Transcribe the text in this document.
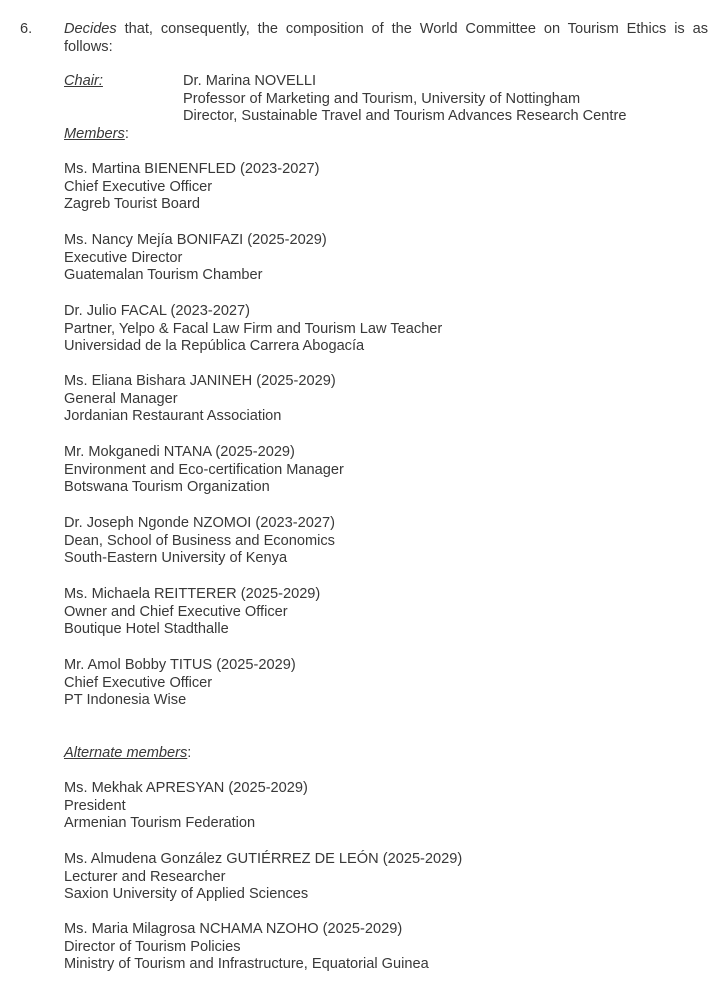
6. Decides that, consequently, the composition of the World Committee on Tourism Ethics is as
follows:
Chair:	Dr. Marina NOVELLI
Professor of Marketing and Tourism, University of Nottingham
Director, Sustainable Travel and Tourism Advances Research Centre
Members:
Ms. Martina BIENENFLED (2023-2027)
Chief Executive Officer
Zagreb Tourist Board
Ms. Nancy Mejía BONIFAZI (2025-2029)
Executive Director
Guatemalan Tourism Chamber
Dr. Julio FACAL (2023-2027)
Partner, Yelpo & Facal Law Firm and Tourism Law Teacher
Universidad de la República Carrera Abogacía
Ms. Eliana Bishara JANINEH (2025-2029)
General Manager
Jordanian Restaurant Association
Mr. Mokganedi NTANA (2025-2029)
Environment and Eco-certification Manager
Botswana Tourism Organization
Dr. Joseph Ngonde NZOMOI (2023-2027)
Dean, School of Business and Economics
South-Eastern University of Kenya
Ms. Michaela REITTERER (2025-2029)
Owner and Chief Executive Officer
Boutique Hotel Stadthalle
Mr. Amol Bobby TITUS (2025-2029)
Chief Executive Officer
PT Indonesia Wise
Alternate members:
Ms. Mekhak APRESYAN (2025-2029)
President
Armenian Tourism Federation
Ms. Almudena González GUTIÉRREZ DE LEÓN (2025-2029)
Lecturer and Researcher
Saxion University of Applied Sciences
Ms. Maria Milagrosa NCHAMA NZOHO (2025-2029)
Director of Tourism Policies
Ministry of Tourism and Infrastructure, Equatorial Guinea
